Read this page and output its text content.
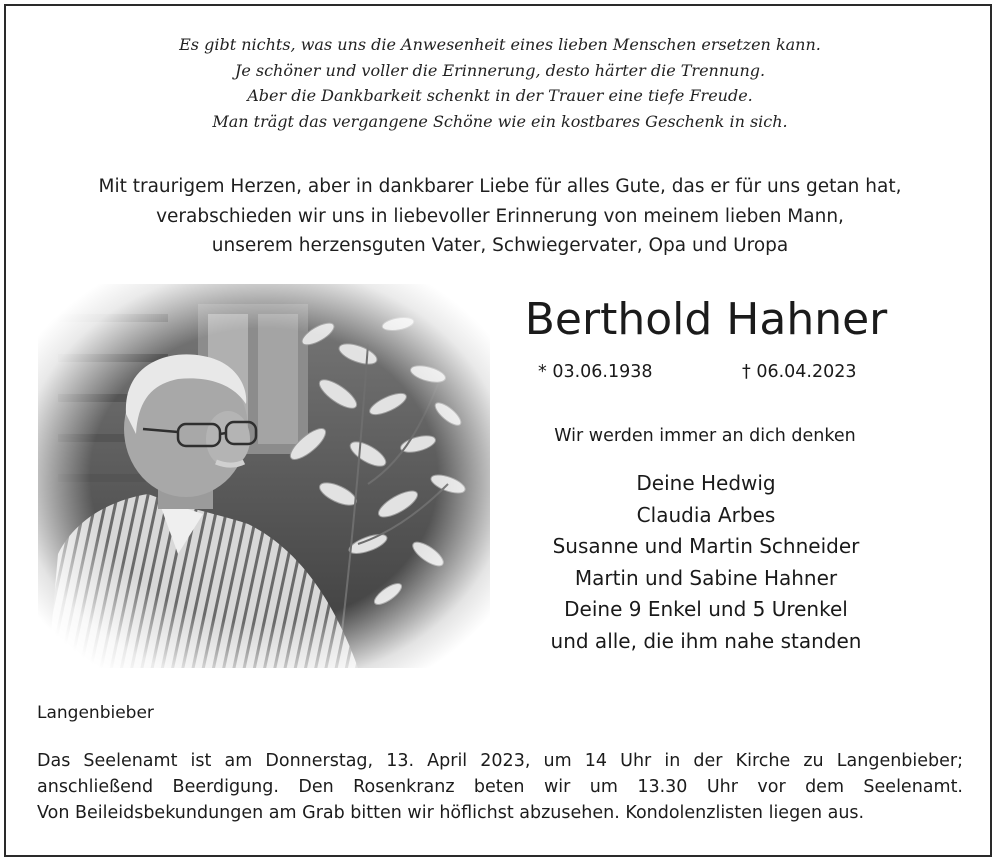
Es gibt nichts, was uns die Anwesenheit eines lieben Menschen ersetzen kann.
Je schöner und voller die Erinnerung, desto härter die Trennung.
Aber die Dankbarkeit schenkt in der Trauer eine tiefe Freude.
Man trägt das vergangene Schöne wie ein kostbares Geschenk in sich.
Mit traurigem Herzen, aber in dankbarer Liebe für alles Gute, das er für uns getan hat,
verabschieden wir uns in liebevoller Erinnerung von meinem lieben Mann,
unserem herzensguten Vater, Schwiegervater, Opa und Uropa
Berthold Hahner
* 03.06.1938	† 06.04.2023
Wir werden immer an dich denken
Deine Hedwig
Claudia Arbes
Susanne und Martin Schneider
Martin und Sabine Hahner
Deine 9 Enkel und 5 Urenkel
und alle, die ihm nahe standen
Langenbieber
Das Seelenamt ist am Donnerstag, 13. April 2023, um 14 Uhr in der Kirche zu Langenbieber;
anschließend Beerdigung. Den Rosenkranz beten wir um 13.30 Uhr vor dem Seelenamt.
Von Beileidsbekundungen am Grab bitten wir höflichst abzusehen. Kondolenzlisten liegen aus.
